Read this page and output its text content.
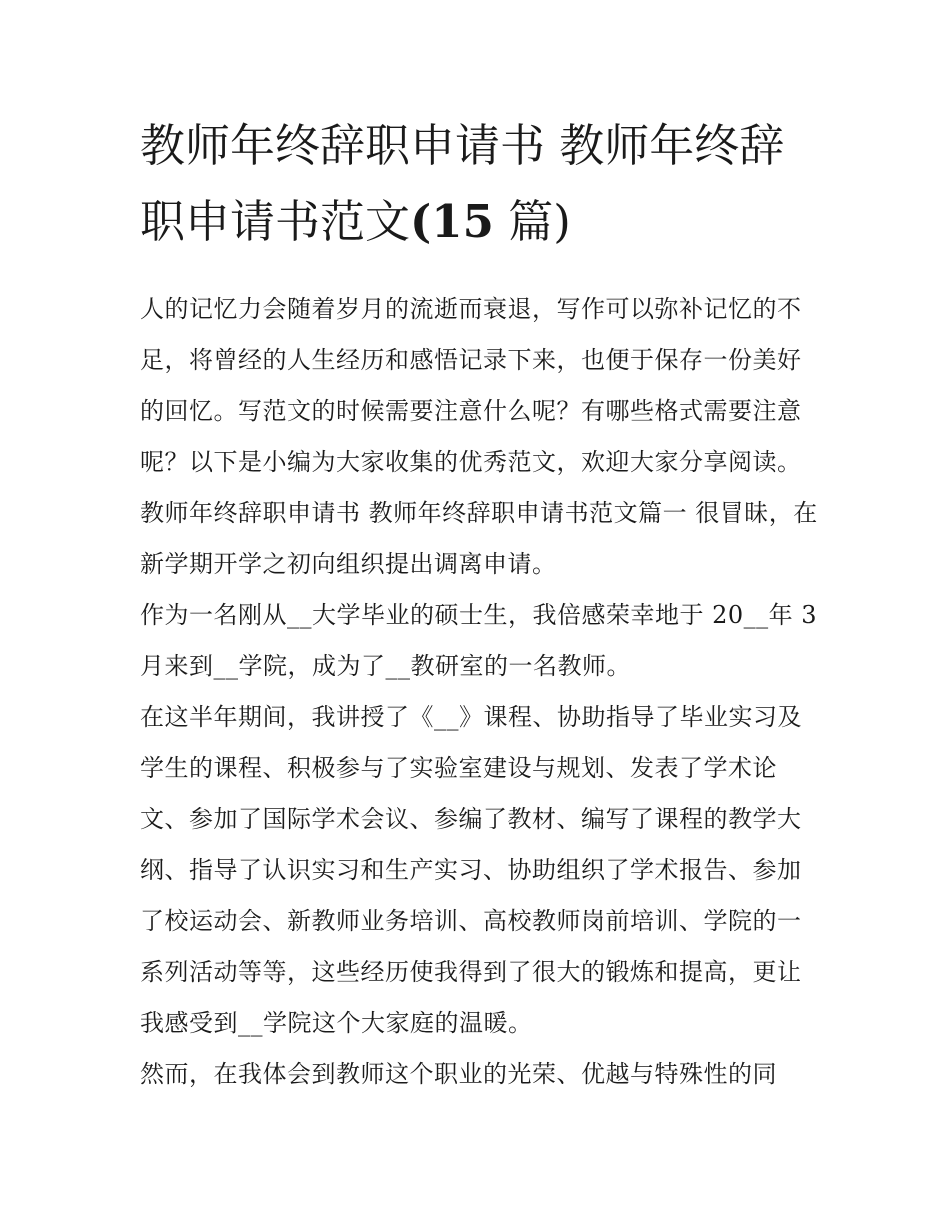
教师年终辞职申请书 教师年终辞职申请书范文(15 篇)

人的记忆力会随着岁月的流逝而衰退，写作可以弥补记忆的不足，将曾经的人生经历和感悟记录下来，也便于保存一份美好的回忆。写范文的时候需要注意什么呢？有哪些格式需要注意呢？以下是小编为大家收集的优秀范文，欢迎大家分享阅读。

教师年终辞职申请书 教师年终辞职申请书范文篇一 很冒昧，在新学期开学之初向组织提出调离申请。

作为一名刚从__大学毕业的硕士生，我倍感荣幸地于 20__年 3 月来到__学院，成为了__教研室的一名教师。

在这半年期间，我讲授了《__》课程、协助指导了毕业实习及学生的课程、积极参与了实验室建设与规划、发表了学术论文、参加了国际学术会议、参编了教材、编写了课程的教学大纲、指导了认识实习和生产实习、协助组织了学术报告、参加了校运动会、新教师业务培训、高校教师岗前培训、学院的一系列活动等等，这些经历使我得到了很大的锻炼和提高，更让我感受到__学院这个大家庭的温暖。

然而，在我体会到教师这个职业的光荣、优越与特殊性的同
